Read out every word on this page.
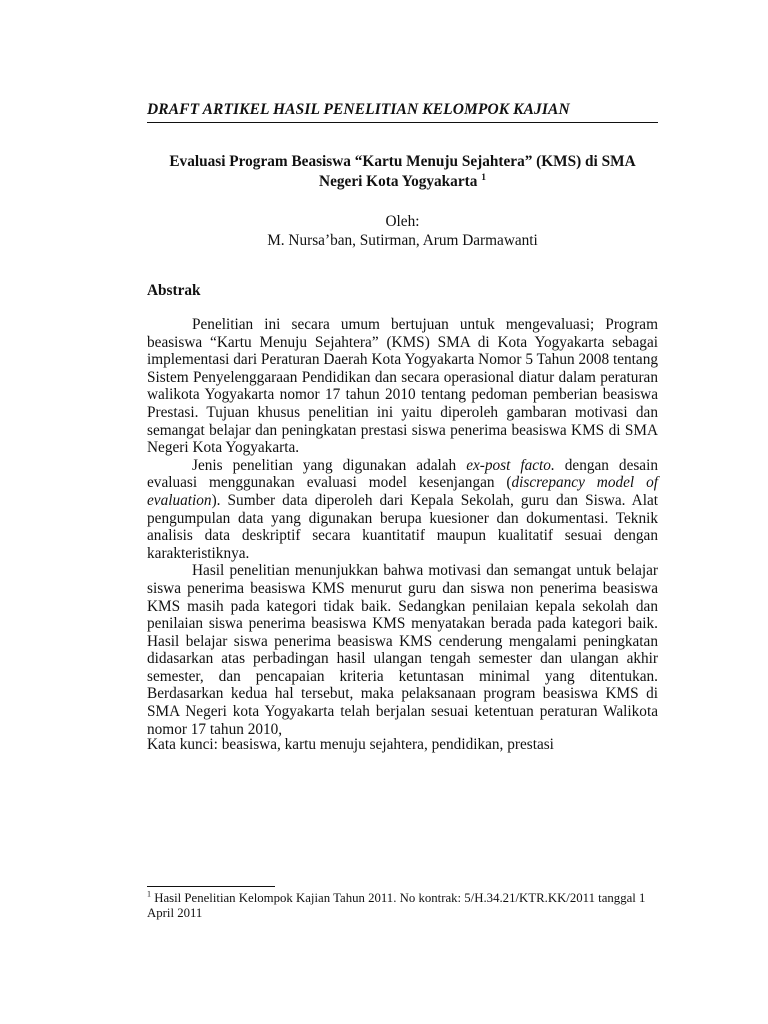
DRAFT ARTIKEL HASIL PENELITIAN KELOMPOK KAJIAN
Evaluasi Program Beasiswa “Kartu Menuju Sejahtera” (KMS) di SMA
Negeri Kota Yogyakarta $^1$
Oleh:
M. Nursa’ban, Sutirman, Arum Darmawanti
Abstrak

Penelitian ini secara umum bertujuan untuk mengevaluasi; Program beasiswa “Kartu Menuju Sejahtera” (KMS) SMA di Kota Yogyakarta sebagai implementasi dari Peraturan Daerah Kota Yogyakarta Nomor 5 Tahun 2008 tentang Sistem Penyelenggaraan Pendidikan dan secara operasional diatur dalam peraturan walikota Yogyakarta nomor 17 tahun 2010 tentang pedoman pemberian beasiswa Prestasi. Tujuan khusus penelitian ini yaitu diperoleh gambaran motivasi dan semangat belajar dan peningkatan prestasi siswa penerima beasiswa KMS di SMA Negeri Kota Yogyakarta.

Jenis penelitian yang digunakan adalah ex-post facto. dengan desain evaluasi menggunakan evaluasi model kesenjangan (discrepancy model of evaluation). Sumber data diperoleh dari Kepala Sekolah, guru dan Siswa. Alat pengumpulan data yang digunakan berupa kuesioner dan dokumentasi. Teknik analisis data deskriptif secara kuantitatif maupun kualitatif sesuai dengan karakteristiknya.

Hasil penelitian menunjukkan bahwa motivasi dan semangat untuk belajar siswa penerima beasiswa KMS menurut guru dan siswa non penerima beasiswa KMS masih pada kategori tidak baik. Sedangkan penilaian kepala sekolah dan penilaian siswa penerima beasiswa KMS menyatakan berada pada kategori baik. Hasil belajar siswa penerima beasiswa KMS cenderung mengalami peningkatan didasarkan atas perbadingan hasil ulangan tengah semester dan ulangan akhir semester, dan pencapaian kriteria ketuntasan minimal yang ditentukan. Berdasarkan kedua hal tersebut, maka pelaksanaan program beasiswa KMS di SMA Negeri kota Yogyakarta telah berjalan sesuai ketentuan peraturan Walikota nomor 17 tahun 2010,

Kata kunci: beasiswa, kartu menuju sejahtera, pendidikan, prestasi
$^1$ Hasil Penelitian Kelompok Kajian Tahun 2011. No kontrak: 5/H.34.21/KTR.KK/2011 tanggal 1 April 2011
